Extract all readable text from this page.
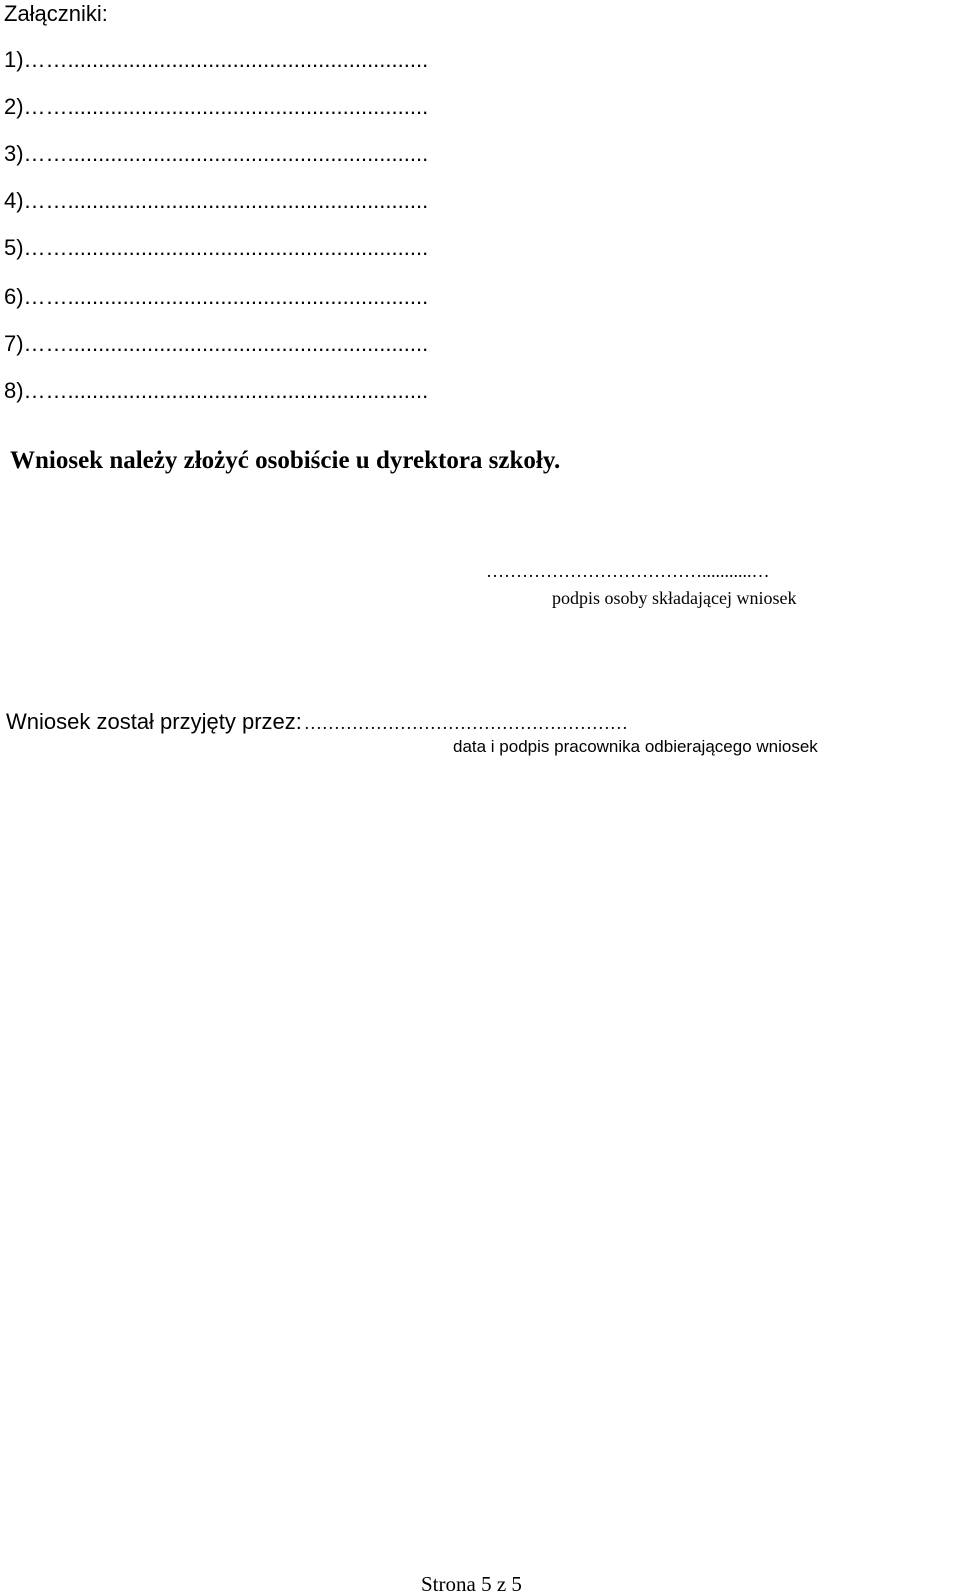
Załączniki:
1)……...........................................................
2)……...........................................................
3)……...........................................................
4)……...........................................................
5)……...........................................................
6)……...........................................................
7)……...........................................................
8)……...........................................................
Wniosek należy złożyć osobiście u dyrektora szkoły.
………………………………...........…
podpis osoby składającej wniosek
Wniosek został przyjęty przez: ………………………………………………
data i podpis pracownika odbierającego wniosek
Strona 5 z 5
